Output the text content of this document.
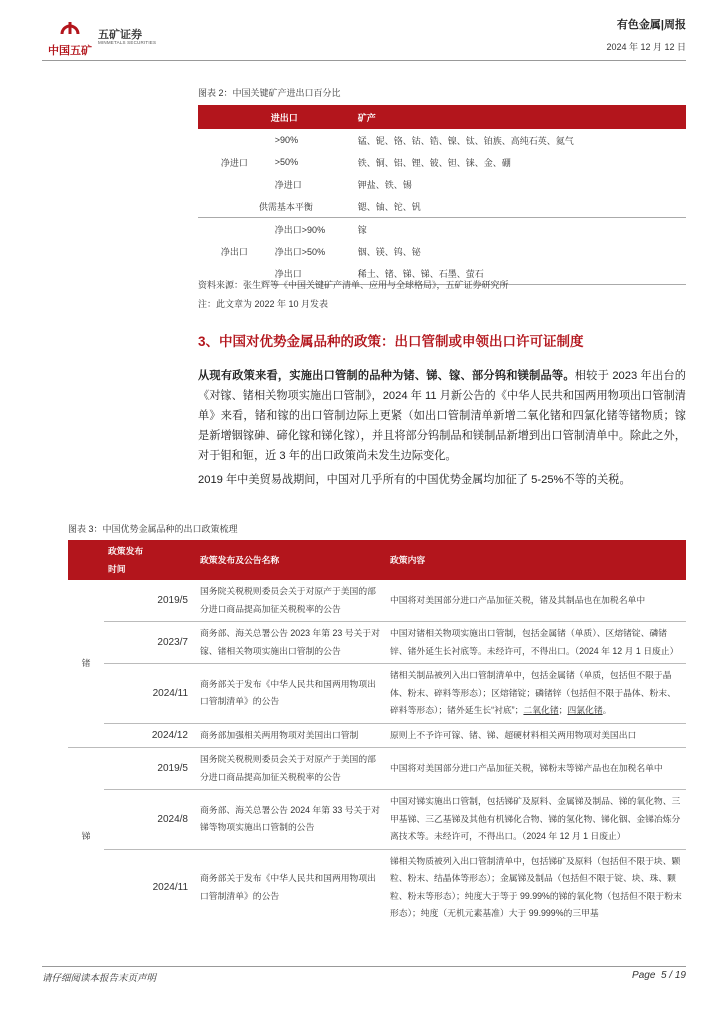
中国五矿
五矿证券
MINMETALS SECURITIES
有色金属|周报
2024 年 12 月 12 日
图表 2：中国关键矿产进出口百分比
	进出口	矿产
净进口	>90%	锰、铌、铬、钴、锆、镍、钛、铂族、高纯石英、氦气
	>50%	铁、铜、铝、锂、铍、钽、铼、金、硼
	净进口	钾盐、铁、锡
供需基本平衡		锶、铀、铊、钒
净出口	净出口>90%	镓
	净出口>50%	铟、镁、钨、铋
	净出口	稀土、锗、锑、锑、石墨、萤石
资料来源：张生辉等《中国关键矿产清单、应用与全球格局》，五矿证券研究所
注：此文章为 2022 年 10 月发表
3、中国对优势金属品种的政策：出口管制或申领出口许可证制度
从现有政策来看，实施出口管制的品种为锗、锑、镓、部分钨和镁制品等。相较于 2023 年出台的《对镓、锗相关物项实施出口管制》，2024 年 11 月新公告的《中华人民共和国两用物项出口管制清单》来看，锗和镓的出口管制边际上更紧（如出口管制清单新增二氧化锗和四氯化锗等锗物质；镓是新增铟镓砷、碲化镓和锑化镓），并且将部分钨制品和镁制品新增到出口管制清单中。除此之外，对于钼和钷，近 3 年的出口政策尚未发生边际变化。
2019 年中美贸易战期间，中国对几乎所有的中国优势金属均加征了 5-25%不等的关税。
图表 3：中国优势金属品种的出口政策梳理

	政策发布
时间	政策发布及公告名称	政策内容
锗	2019/5	国务院关税税则委员会关于对原产于美国的部分进口商品提高加征关税税率的公告	中国将对美国部分进口产品加征关税，锗及其制品也在加税名单中
	2023/7	商务部、海关总署公告 2023 年第 23 号关于对镓、锗相关物项实施出口管制的公告	中国对锗相关物项实施出口管制，包括金属锗（单质）、区熔锗锭、磷锗锌、锗外延生长衬底等。未经许可，不得出口。（2024 年 12 月 1 日废止）
	2024/11	商务部关于发布《中华人民共和国两用物项出口管制清单》的公告	锗相关制品被列入出口管制清单中，包括金属锗（单质，包括但不限于晶体、粉末、碎料等形态）；区熔锗锭；磷锗锌（包括但不限于晶体、粉末、碎料等形态）；锗外延生长“衬底”；二氧化锗；四氯化锗。
	2024/12	商务部加强相关两用物项对美国出口管制	原则上不予许可镓、锗、锑、超硬材料相关两用物项对美国出口
锑	2019/5	国务院关税税则委员会关于对原产于美国的部分进口商品提高加征关税税率的公告	中国将对美国部分进口产品加征关税，锑粉末等锑产品也在加税名单中
	2024/8	商务部、海关总署公告 2024 年第 33 号关于对锑等物项实施出口管制的公告	中国对锑实施出口管制，包括锑矿及原料、金属锑及制品、锑的氧化物、三甲基锑、三乙基锑及其他有机锑化合物、锑的氢化物、锑化铟、金锑冶炼分离技术等。未经许可，不得出口。（2024 年 12 月 1 日废止）
	2024/11	商务部关于发布《中华人民共和国两用物项出口管制清单》的公告	锑相关物质被列入出口管制清单中，包括锑矿及原料（包括但不限于块、颗粒、粉末、结晶体等形态）；金属锑及制品（包括但不限于锭、块、珠、颗粒、粉末等形态）；纯度大于等于 99.99%的锑的氧化物（包括但不限于粉末形态）；纯度（无机元素基准）大于 99.999%的三甲基
请仔细阅读本报告末页声明	Page 5 / 19
